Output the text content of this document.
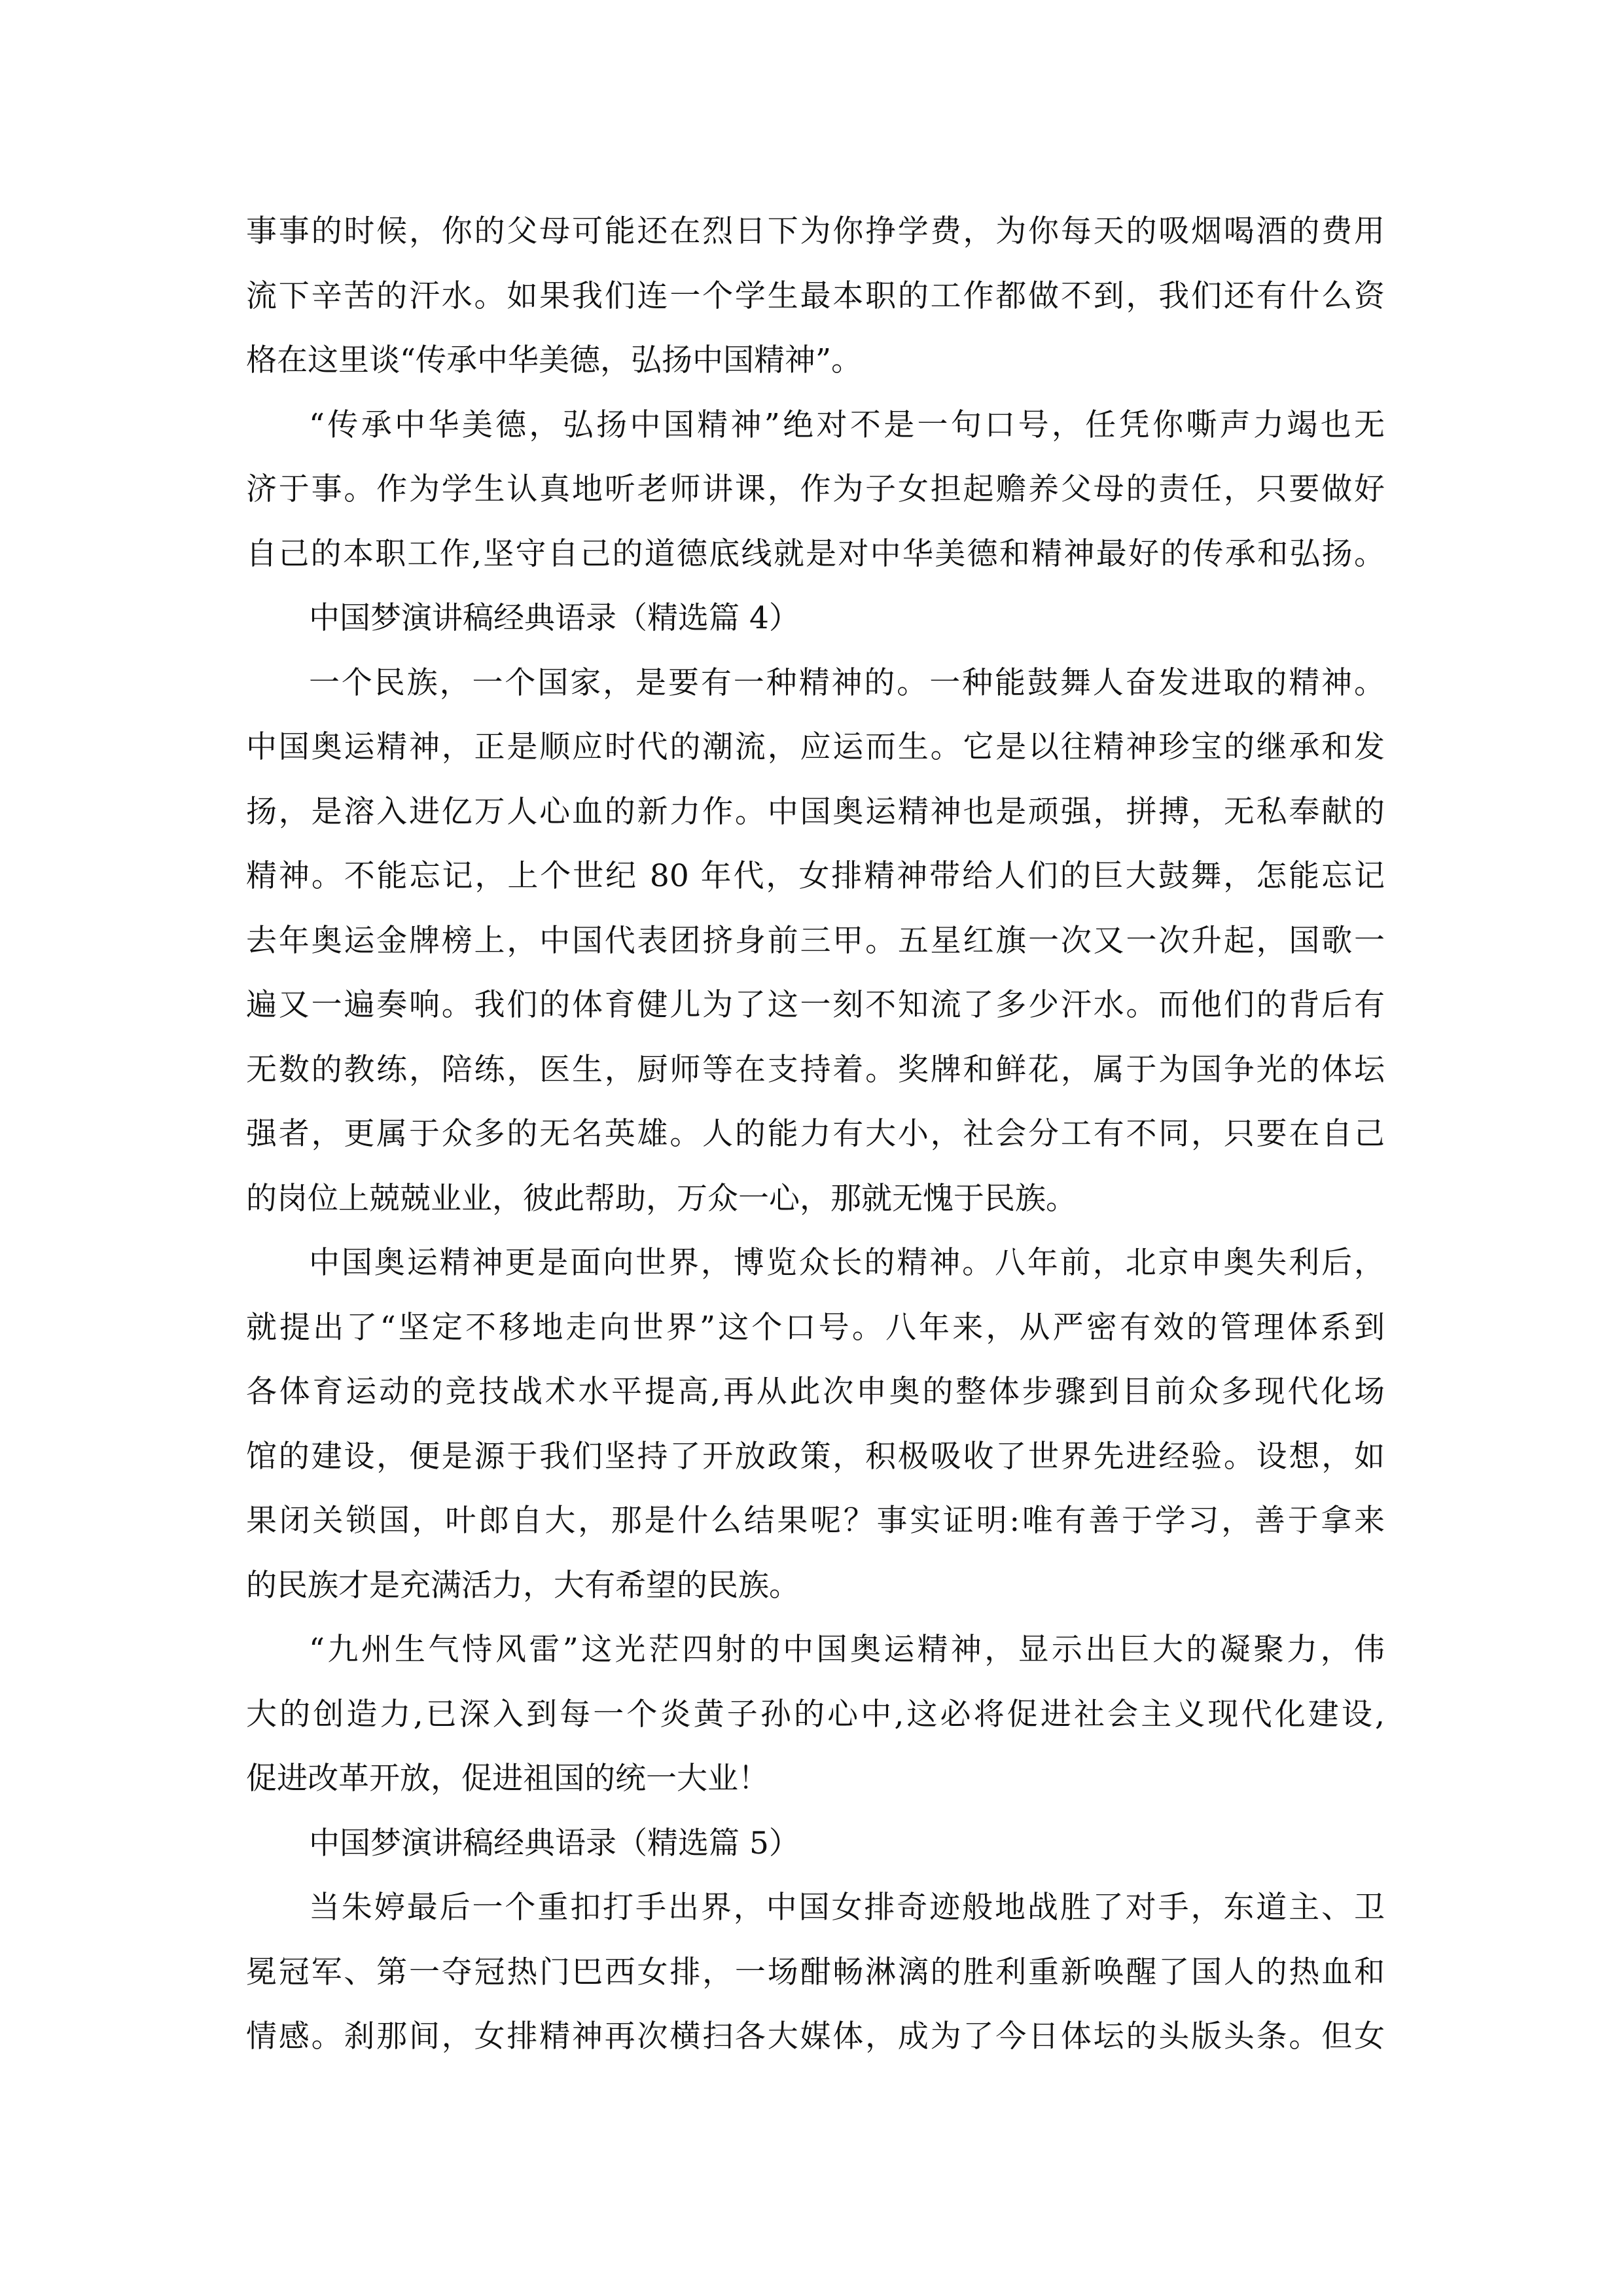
事事的时候，你的父母可能还在烈日下为你挣学费，为你每天的吸烟喝酒的费用
流下辛苦的汗水。如果我们连一个学生最本职的工作都做不到，我们还有什么资
格在这里谈“传承中华美德，弘扬中国精神”。
“传承中华美德，弘扬中国精神”绝对不是一句口号，任凭你嘶声力竭也无
济于事。作为学生认真地听老师讲课，作为子女担起赡养父母的责任，只要做好
自己的本职工作,坚守自己的道德底线就是对中华美德和精神最好的传承和弘扬。
中国梦演讲稿经典语录（精选篇 4）
一个民族，一个国家，是要有一种精神的。一种能鼓舞人奋发进取的精神。
中国奥运精神，正是顺应时代的潮流，应运而生。它是以往精神珍宝的继承和发
扬，是溶入进亿万人心血的新力作。中国奥运精神也是顽强，拼搏，无私奉献的
精神。不能忘记，上个世纪 80 年代，女排精神带给人们的巨大鼓舞，怎能忘记
去年奥运金牌榜上，中国代表团挤身前三甲。五星红旗一次又一次升起，国歌一
遍又一遍奏响。我们的体育健儿为了这一刻不知流了多少汗水。而他们的背后有
无数的教练，陪练，医生，厨师等在支持着。奖牌和鲜花，属于为国争光的体坛
强者，更属于众多的无名英雄。人的能力有大小，社会分工有不同，只要在自己
的岗位上兢兢业业，彼此帮助，万众一心，那就无愧于民族。
中国奥运精神更是面向世界，博览众长的精神。八年前，北京申奥失利后，
就提出了“坚定不移地走向世界”这个口号。八年来，从严密有效的管理体系到
各体育运动的竞技战术水平提高,再从此次申奥的整体步骤到目前众多现代化场
馆的建设，便是源于我们坚持了开放政策，积极吸收了世界先进经验。设想，如
果闭关锁国，叶郎自大，那是什么结果呢？事实证明:唯有善于学习，善于拿来
的民族才是充满活力，大有希望的民族。
“九州生气恃风雷”这光茫四射的中国奥运精神，显示出巨大的凝聚力，伟
大的创造力,已深入到每一个炎黄子孙的心中,这必将促进社会主义现代化建设,
促进改革开放，促进祖国的统一大业！
中国梦演讲稿经典语录（精选篇 5）
当朱婷最后一个重扣打手出界，中国女排奇迹般地战胜了对手，东道主、卫
冕冠军、第一夺冠热门巴西女排，一场酣畅淋漓的胜利重新唤醒了国人的热血和
情感。刹那间，女排精神再次横扫各大媒体，成为了今日体坛的头版头条。但女
